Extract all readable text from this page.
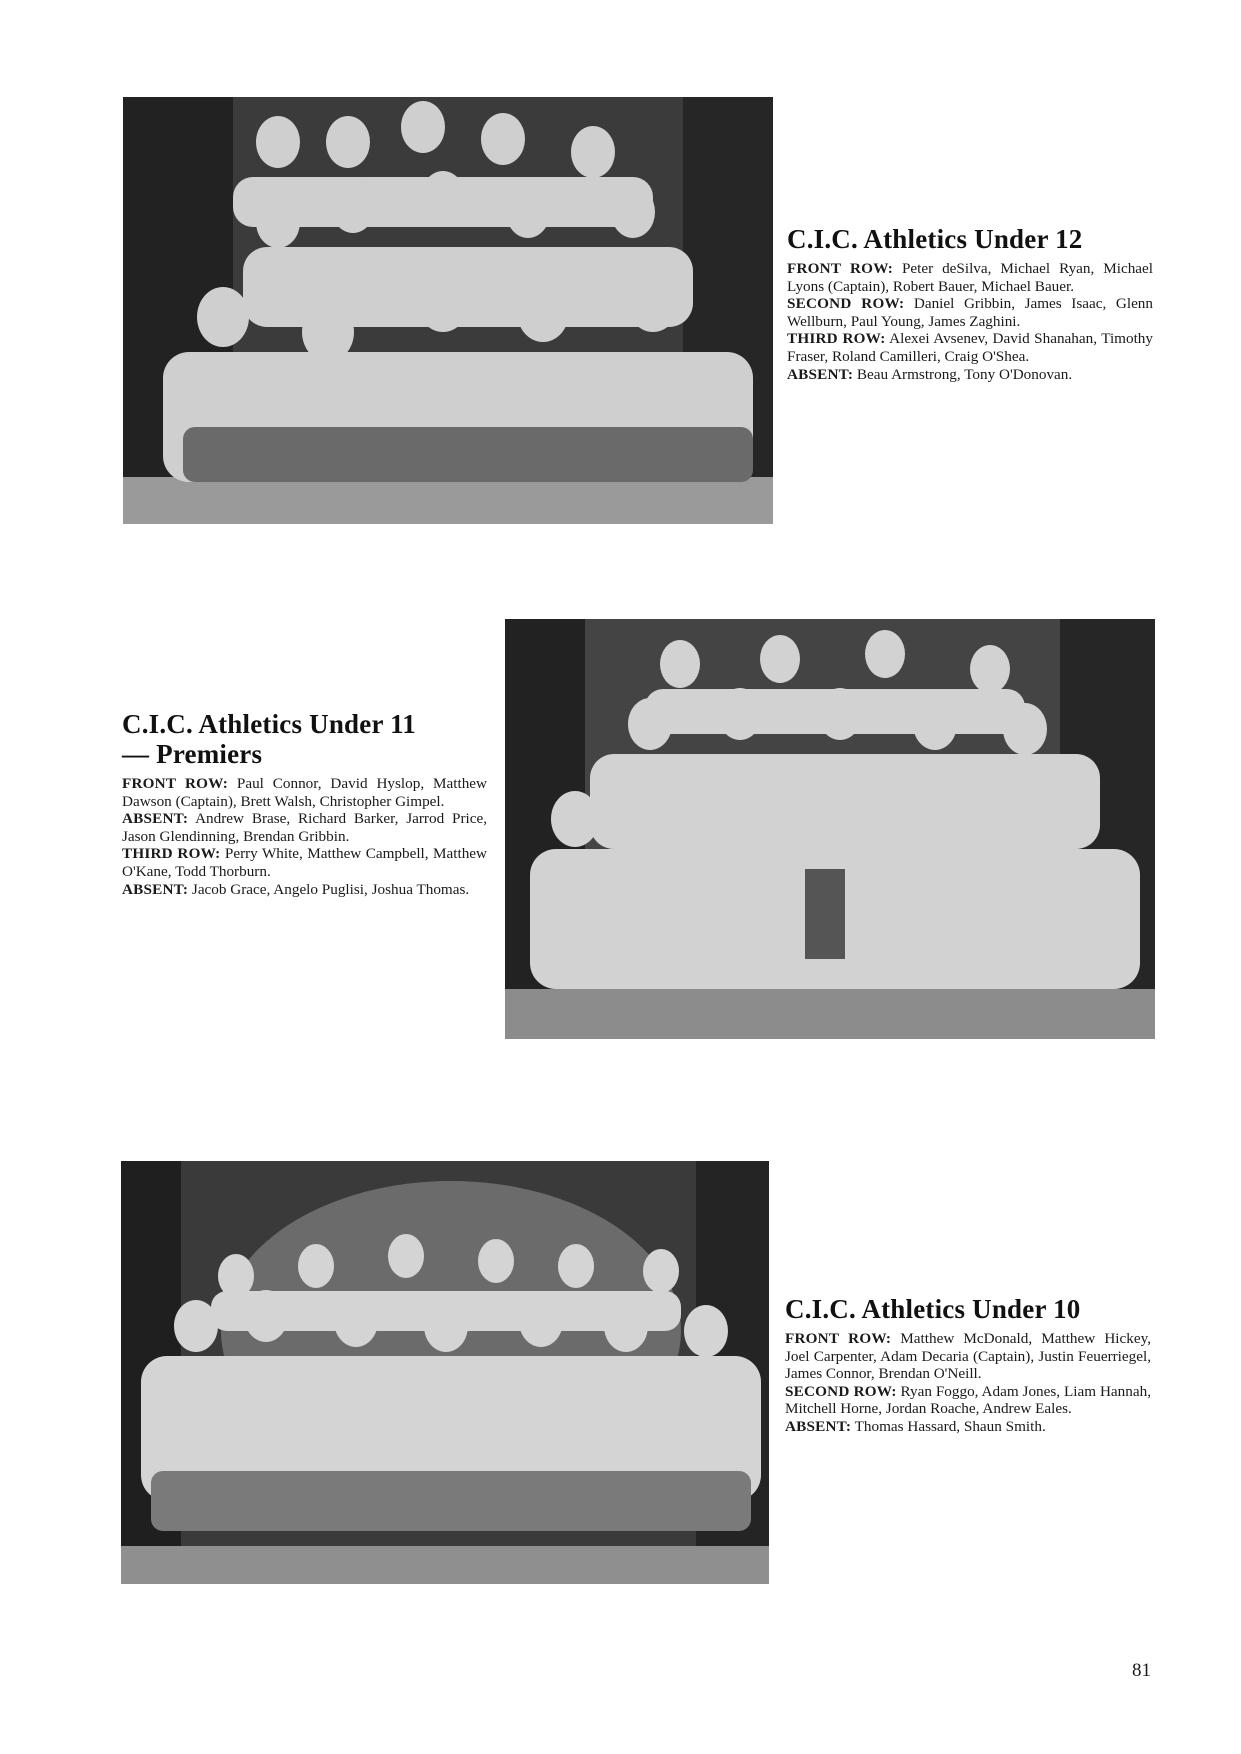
C.I.C. Athletics Under 12

FRONT ROW: Peter deSilva, Michael Ryan, Michael Lyons (Captain), Robert Bauer, Michael Bauer.
SECOND ROW: Daniel Gribbin, James Isaac, Glenn Wellburn, Paul Young, James Zaghini.
THIRD ROW: Alexei Avsenev, David Shanahan, Timothy Fraser, Roland Camilleri, Craig O'Shea.
ABSENT: Beau Armstrong, Tony O'Donovan.

C.I.C. Athletics Under 11
— Premiers

FRONT ROW: Paul Connor, David Hyslop, Matthew Dawson (Captain), Brett Walsh, Christopher Gimpel.
ABSENT: Andrew Brase, Richard Barker, Jarrod Price, Jason Glendinning, Brendan Gribbin.
THIRD ROW: Perry White, Matthew Campbell, Matthew O'Kane, Todd Thorburn.
ABSENT: Jacob Grace, Angelo Puglisi, Joshua Thomas.

C.I.C. Athletics Under 10

FRONT ROW: Matthew McDonald, Matthew Hickey, Joel Carpenter, Adam Decaria (Captain), Justin Feuerriegel, James Connor, Brendan O'Neill.
SECOND ROW: Ryan Foggo, Adam Jones, Liam Hannah, Mitchell Horne, Jordan Roache, Andrew Eales.
ABSENT: Thomas Hassard, Shaun Smith.

81
